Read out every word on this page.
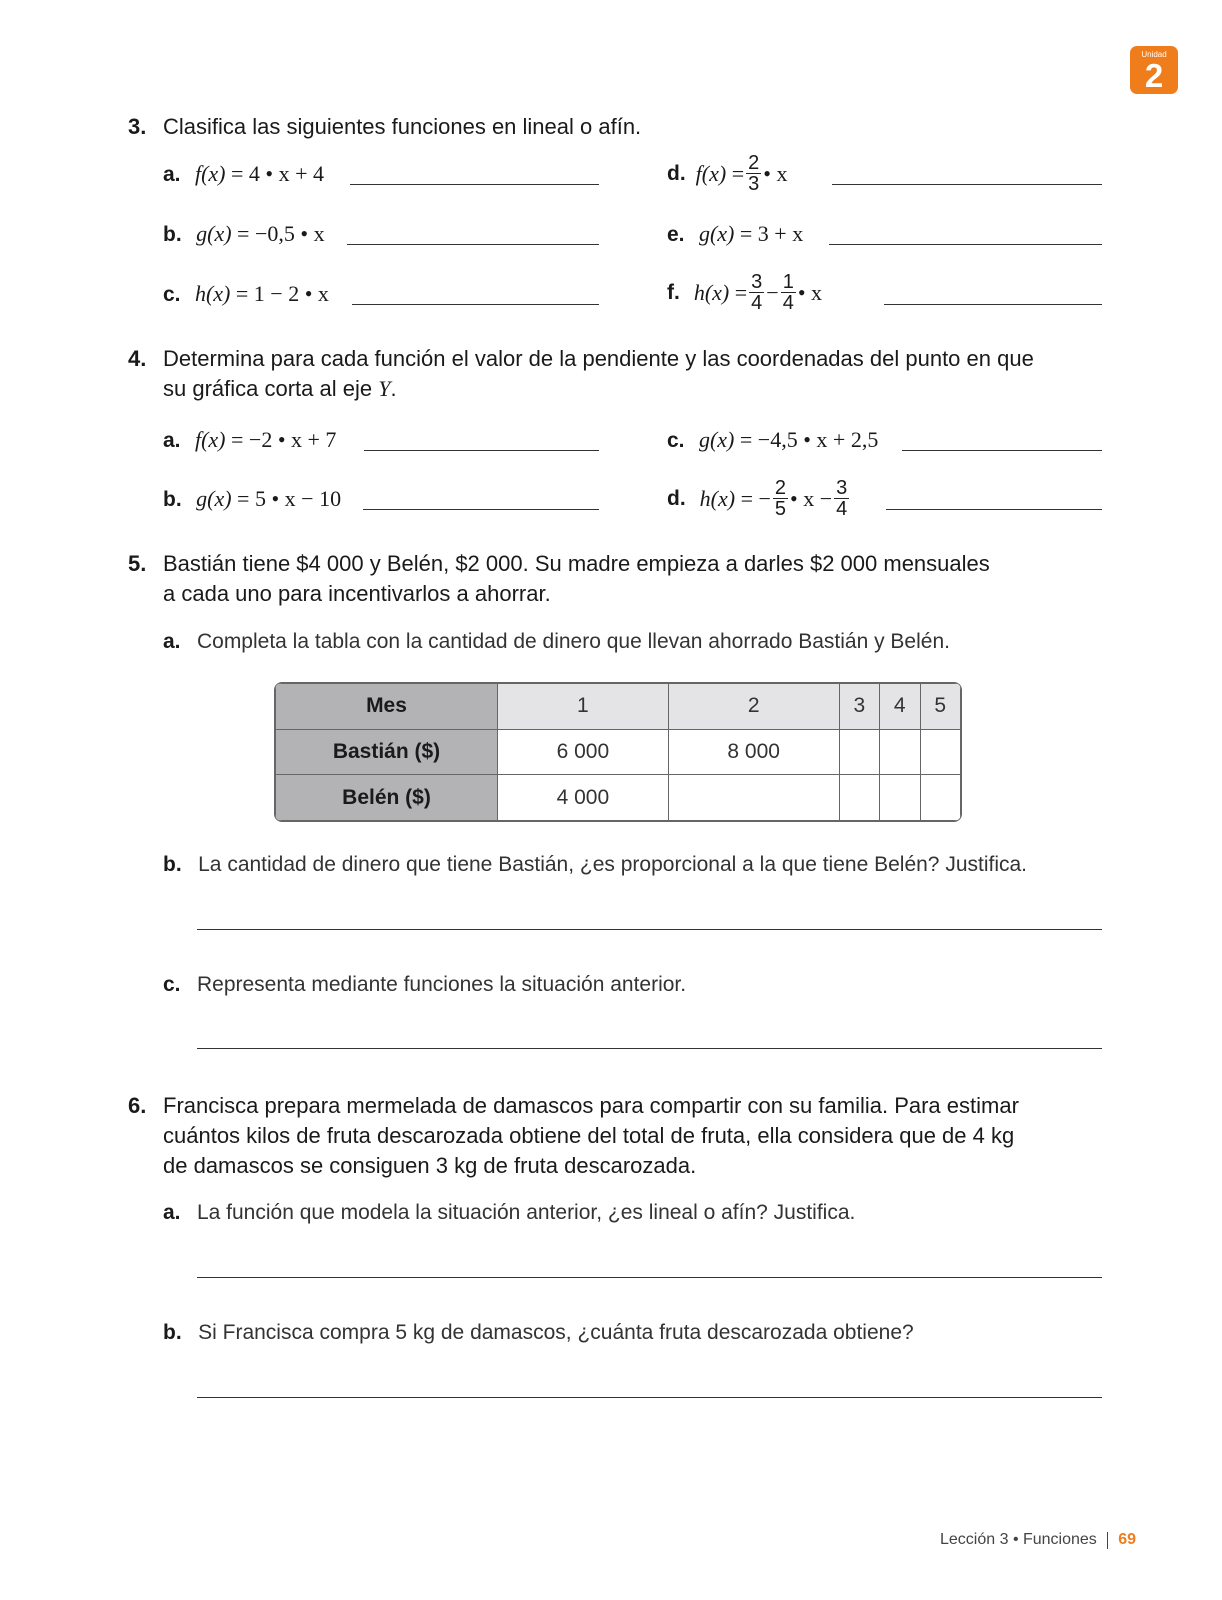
Unidad
2
3. Clasifica las siguientes funciones en lineal o afín.
a. f(x) = 4 • x + 4
b. g(x) = −0,5 • x
c. h(x) = 1 − 2 • x
d. $f(x) = \frac{2}{3}$ • x
e. g(x) = 3 + x
f. $h(x) = \frac{3}{4} - \frac{1}{4}$ • x
4. Determina para cada función el valor de la pendiente y las coordenadas del punto en que
su gráfica corta al eje Y.
a. f(x) = −2 • x + 7
b. g(x) = 5 • x − 10
c. g(x) = −4,5 • x + 2,5
d. h(x) = − $\frac{2}{5}$ • $x - \frac{3}{4}$
5. Bastián tiene $4 000 y Belén, $2 000. Su madre empieza a darles $2 000 mensuales
a cada uno para incentivarlos a ahorrar.
a. Completa la tabla con la cantidad de dinero que llevan ahorrado Bastián y Belén.
Mes	1	2	3	4	5
Bastián ($)	6 000	8 000			
Belén ($)	4 000				
b. La cantidad de dinero que tiene Bastián, ¿es proporcional a la que tiene Belén? Justifica.
c. Representa mediante funciones la situación anterior.
6. Francisca prepara mermelada de damascos para compartir con su familia. Para estimar
cuántos kilos de fruta descarozada obtiene del total de fruta, ella considera que de 4 kg
de damascos se consiguen 3 kg de fruta descarozada.
a. La función que modela la situación anterior, ¿es lineal o afín? Justifica.
b. Si Francisca compra 5 kg de damascos, ¿cuánta fruta descarozada obtiene?
Lección 3 • Funciones 69
